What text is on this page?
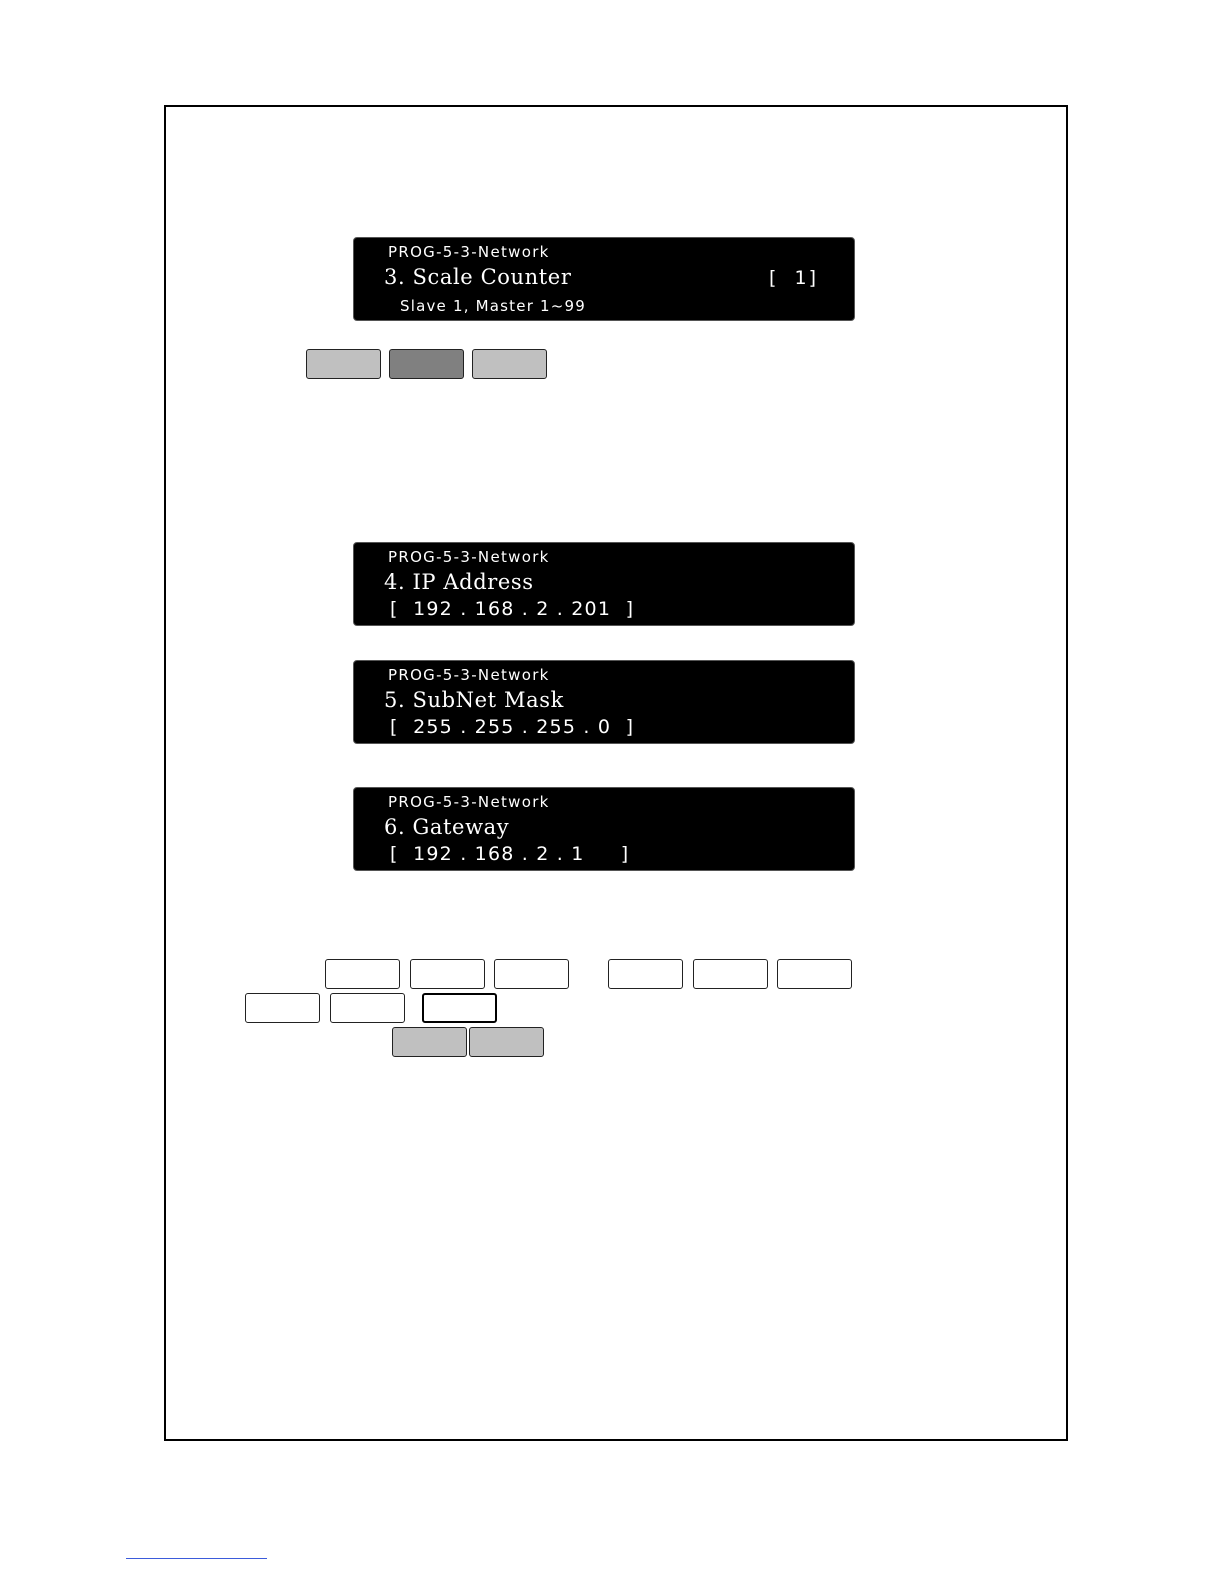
PROG-5-3-Network
3. Scale Counter	[  1]
Slave 1, Master 1~99
PROG-5-3-Network
4. IP Address
[  192 . 168 . 2 . 201  ]
PROG-5-3-Network
5. SubNet Mask
[  255 . 255 . 255 . 0  ]
PROG-5-3-Network
6. Gateway
[  192 . 168 . 2 . 1     ]
